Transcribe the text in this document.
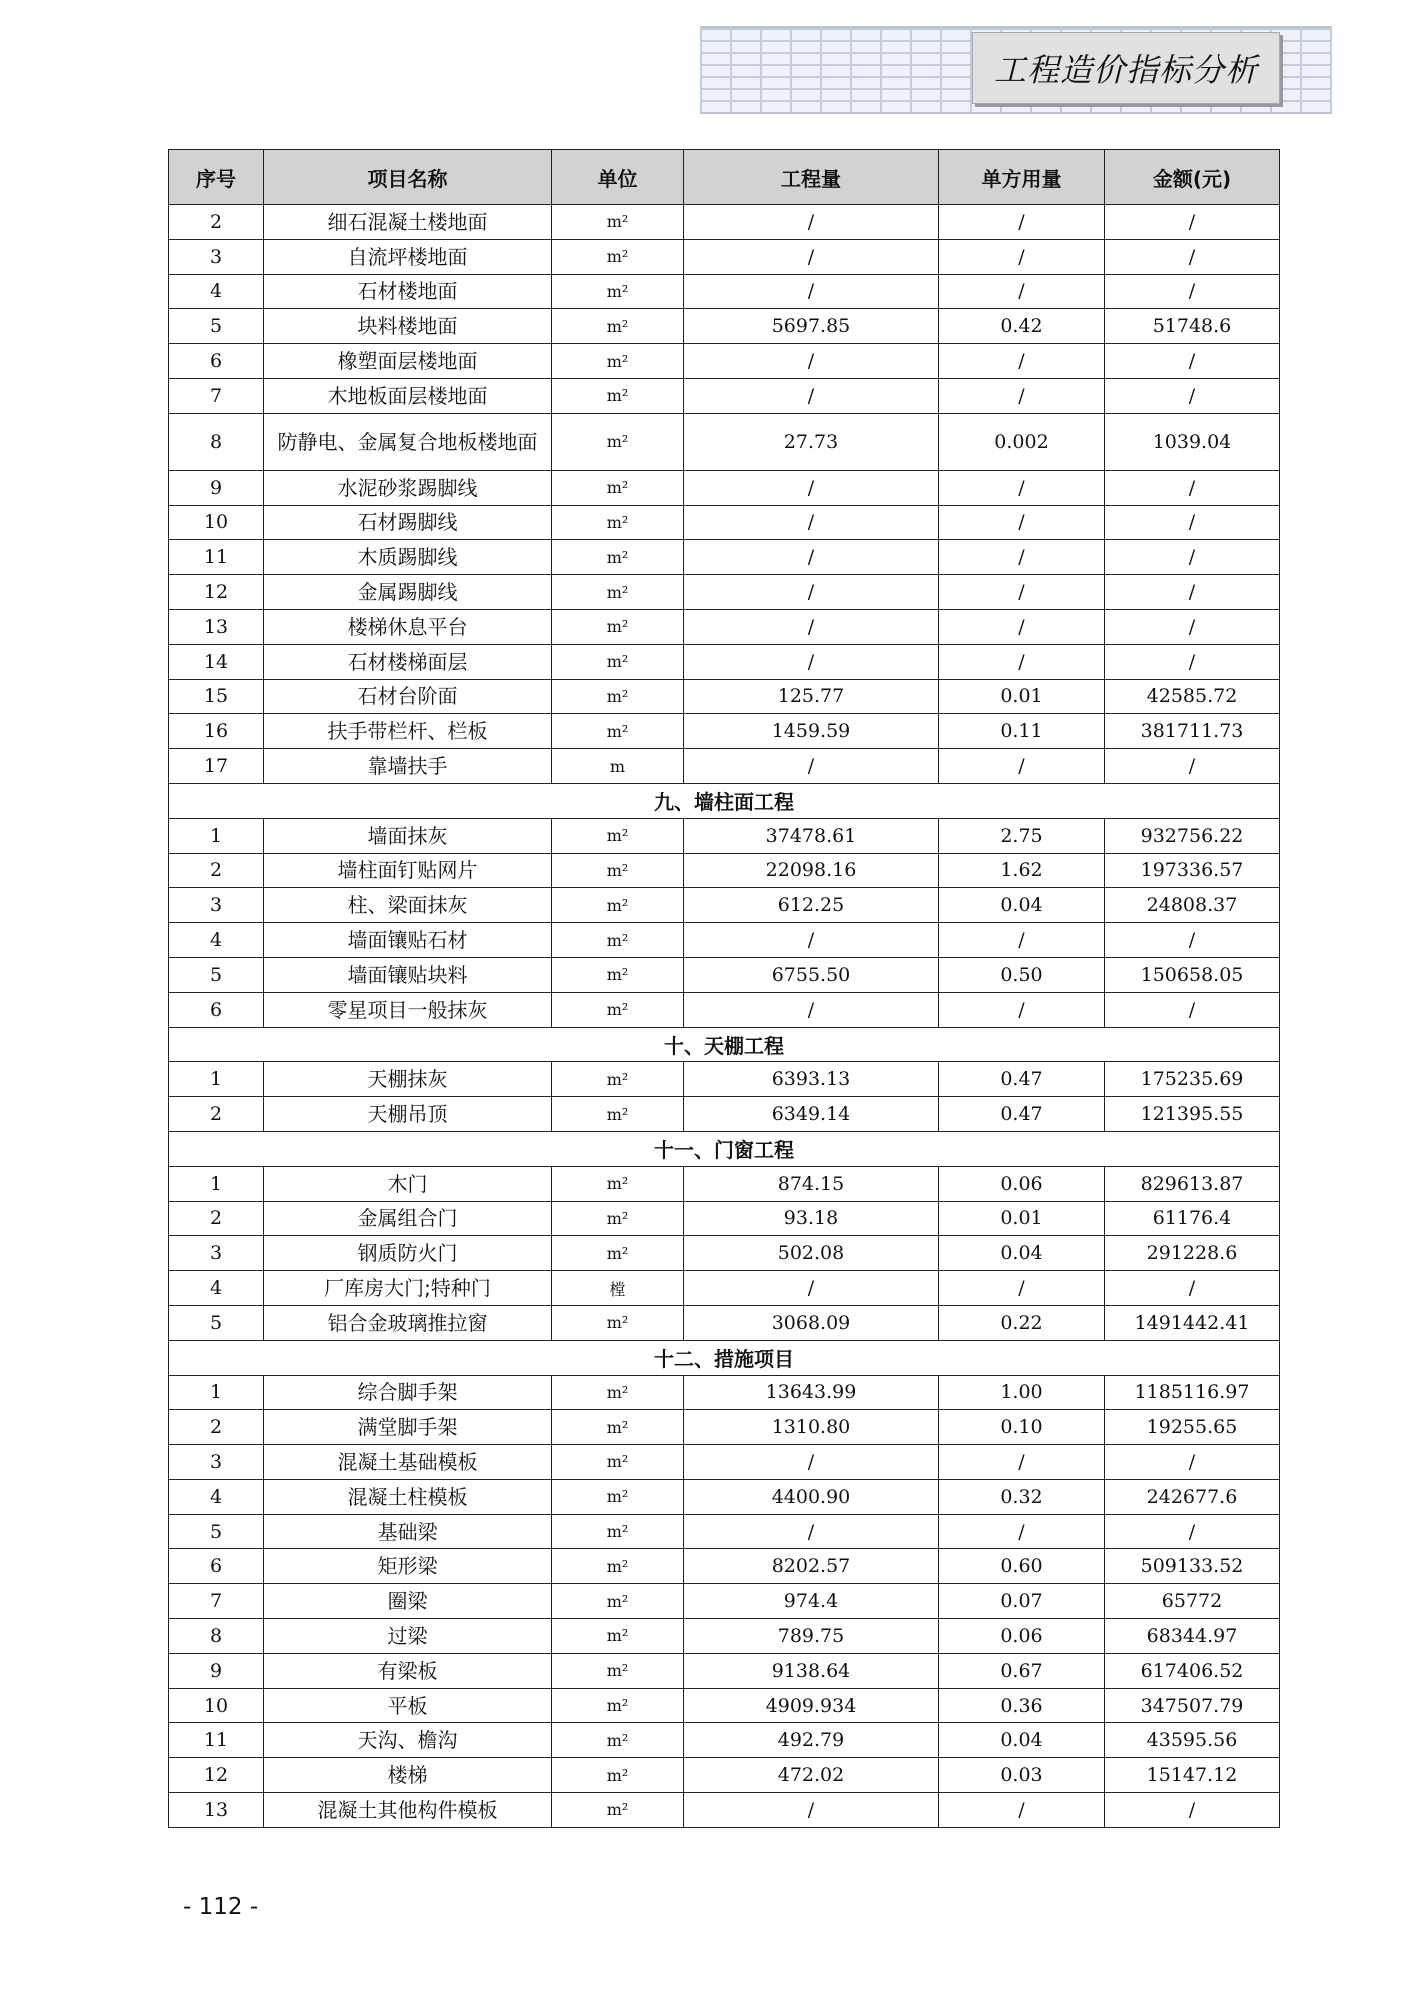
工程造价指标分析
序号	项目名称	单位	工程量	单方用量	金额(元)
2	细石混凝土楼地面	m²	/	/	/
3	自流坪楼地面	m²	/	/	/
4	石材楼地面	m²	/	/	/
5	块料楼地面	m²	5697.85	0.42	51748.6
6	橡塑面层楼地面	m²	/	/	/
7	木地板面层楼地面	m²	/	/	/
8	防静电、金属复合地板楼地面	m²	27.73	0.002	1039.04
9	水泥砂浆踢脚线	m²	/	/	/
10	石材踢脚线	m²	/	/	/
11	木质踢脚线	m²	/	/	/
12	金属踢脚线	m²	/	/	/
13	楼梯休息平台	m²	/	/	/
14	石材楼梯面层	m²	/	/	/
15	石材台阶面	m²	125.77	0.01	42585.72
16	扶手带栏杆、栏板	m²	1459.59	0.11	381711.73
17	靠墙扶手	m	/	/	/
九、墙柱面工程					
1	墙面抹灰	m²	37478.61	2.75	932756.22
2	墙柱面钉贴网片	m²	22098.16	1.62	197336.57
3	柱、梁面抹灰	m²	612.25	0.04	24808.37
4	墙面镶贴石材	m²	/	/	/
5	墙面镶贴块料	m²	6755.50	0.50	150658.05
6	零星项目一般抹灰	m²	/	/	/
十、天棚工程					
1	天棚抹灰	m²	6393.13	0.47	175235.69
2	天棚吊顶	m²	6349.14	0.47	121395.55
十一、门窗工程					
1	木门	m²	874.15	0.06	829613.87
2	金属组合门	m²	93.18	0.01	61176.4
3	钢质防火门	m²	502.08	0.04	291228.6
4	厂库房大门;特种门	樘	/	/	/
5	铝合金玻璃推拉窗	m²	3068.09	0.22	1491442.41
十二、措施项目					
1	综合脚手架	m²	13643.99	1.00	1185116.97
2	满堂脚手架	m²	1310.80	0.10	19255.65
3	混凝土基础模板	m²	/	/	/
4	混凝土柱模板	m²	4400.90	0.32	242677.6
5	基础梁	m²	/	/	/
6	矩形梁	m²	8202.57	0.60	509133.52
7	圈梁	m²	974.4	0.07	65772
8	过梁	m²	789.75	0.06	68344.97
9	有梁板	m²	9138.64	0.67	617406.52
10	平板	m²	4909.934	0.36	347507.79
11	天沟、檐沟	m²	492.79	0.04	43595.56
12	楼梯	m²	472.02	0.03	15147.12
13	混凝土其他构件模板	m²	/	/	/
- 112 -
